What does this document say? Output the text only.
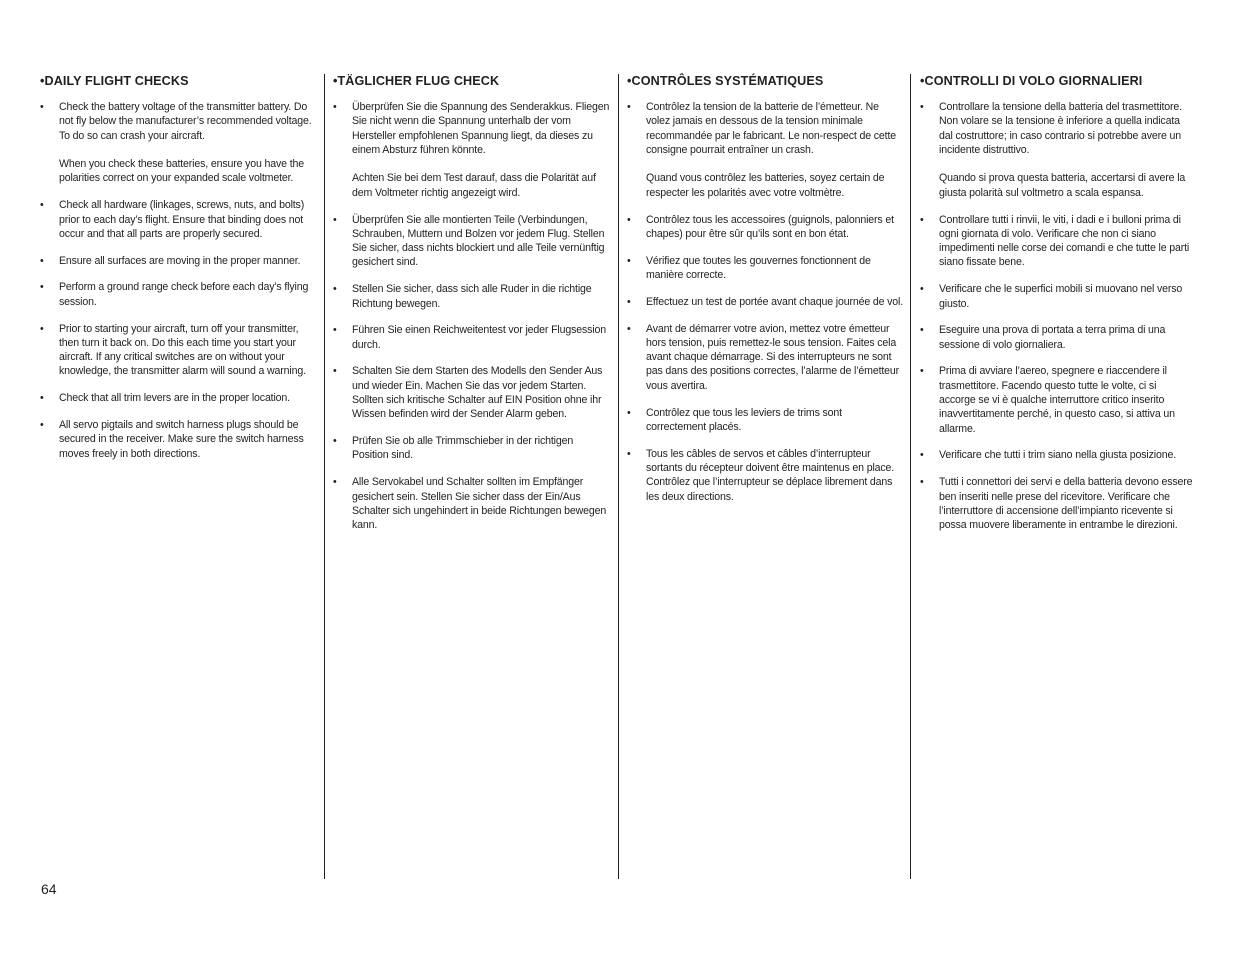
•DAILY FLIGHT CHECKS
• Check the battery voltage of the transmitter battery. Do not fly below the manufacturer’s recommended voltage. To do so can crash your aircraft.

When you check these batteries, ensure you have the polarities correct on your expanded scale voltmeter.

• Check all hardware (linkages, screws, nuts, and bolts) prior to each day’s flight. Ensure that binding does not occur and that all parts are properly secured.

• Ensure all surfaces are moving in the proper manner.

• Perform a ground range check before each day’s flying session.

• Prior to starting your aircraft, turn off your transmitter, then turn it back on. Do this each time you start your aircraft. If any critical switches are on without your knowledge, the transmitter alarm will sound a warning.

• Check that all trim levers are in the proper location.

• All servo pigtails and switch harness plugs should be secured in the receiver. Make sure the switch harness moves freely in both directions.

•TÄGLICHER FLUG CHECK
• Überprüfen Sie die Spannung des Senderakkus. Fliegen Sie nicht wenn die Spannung unterhalb der vom Hersteller empfohlenen Spannung liegt, da dieses zu einem Absturz führen könnte.

Achten Sie bei dem Test darauf, dass die Polarität auf dem Voltmeter richtig angezeigt wird.

• Überprüfen Sie alle montierten Teile (Verbindungen, Schrauben, Muttern und Bolzen vor jedem Flug. Stellen Sie sicher, dass nichts blockiert und alle Teile vernünftig gesichert sind.

• Stellen Sie sicher, dass sich alle Ruder in die richtige Richtung bewegen.

• Führen Sie einen Reichweitentest vor jeder Flugsession durch.

• Schalten Sie dem Starten des Modells den Sender Aus und wieder Ein. Machen Sie das vor jedem Starten. Sollten sich kritische Schalter auf EIN Position ohne ihr Wissen befinden wird der Sender Alarm geben.

• Prüfen Sie ob alle Trimmschieber in der richtigen Position sind.

• Alle Servokabel und Schalter sollten im Empfänger gesichert sein. Stellen Sie sicher dass der Ein/Aus Schalter sich ungehindert in beide Richtungen bewegen kann.

•CONTRÔLES SYSTÉMATIQUES
• Contrôlez la tension de la batterie de l’émetteur. Ne volez jamais en dessous de la tension minimale recommandée par le fabricant. Le non-respect de cette consigne pourrait entraîner un crash.

Quand vous contrôlez les batteries, soyez certain de respecter les polarités avec votre voltmètre.

• Contrôlez tous les accessoires (guignols, palonniers et chapes) pour être sûr qu’ils sont en bon état.

• Vérifiez que toutes les gouvernes fonctionnent de manière correcte.

• Effectuez un test de portée avant chaque journée de vol.

• Avant de démarrer votre avion, mettez votre émetteur hors tension, puis remettez-le sous tension. Faites cela avant chaque démarrage. Si des interrupteurs ne sont pas dans des positions correctes, l’alarme de l’émetteur vous avertira.

• Contrôlez que tous les leviers de trims sont correctement placés.

• Tous les câbles de servos et câbles d’interrupteur sortants du récepteur doivent être maintenus en place. Contrôlez que l’interrupteur se déplace librement dans les deux directions.

•CONTROLLI DI VOLO GIORNALIERI
• Controllare la tensione della batteria del trasmettitore. Non volare se la tensione è inferiore a quella indicata dal costruttore; in caso contrario si potrebbe avere un incidente distruttivo.

Quando si prova questa batteria, accertarsi di avere la giusta polarità sul voltmetro a scala espansa.

• Controllare tutti i rinvii, le viti, i dadi e i bulloni prima di ogni giornata di volo. Verificare che non ci siano impedimenti nelle corse dei comandi e che tutte le parti siano fissate bene.

• Verificare che le superfici mobili si muovano nel verso giusto.

• Eseguire una prova di portata a terra prima di una sessione di volo giornaliera.

• Prima di avviare l’aereo, spegnere e riaccendere il trasmettitore. Facendo questo tutte le volte, ci si accorge se vi è qualche interruttore critico inserito inavvertitamente perché, in questo caso, si attiva un allarme.

• Verificare che tutti i trim siano nella giusta posizione.

• Tutti i connettori dei servi e della batteria devono essere ben inseriti nelle prese del ricevitore. Verificare che l’interruttore di accensione dell’impianto ricevente si possa muovere liberamente in entrambe le direzioni.

64
